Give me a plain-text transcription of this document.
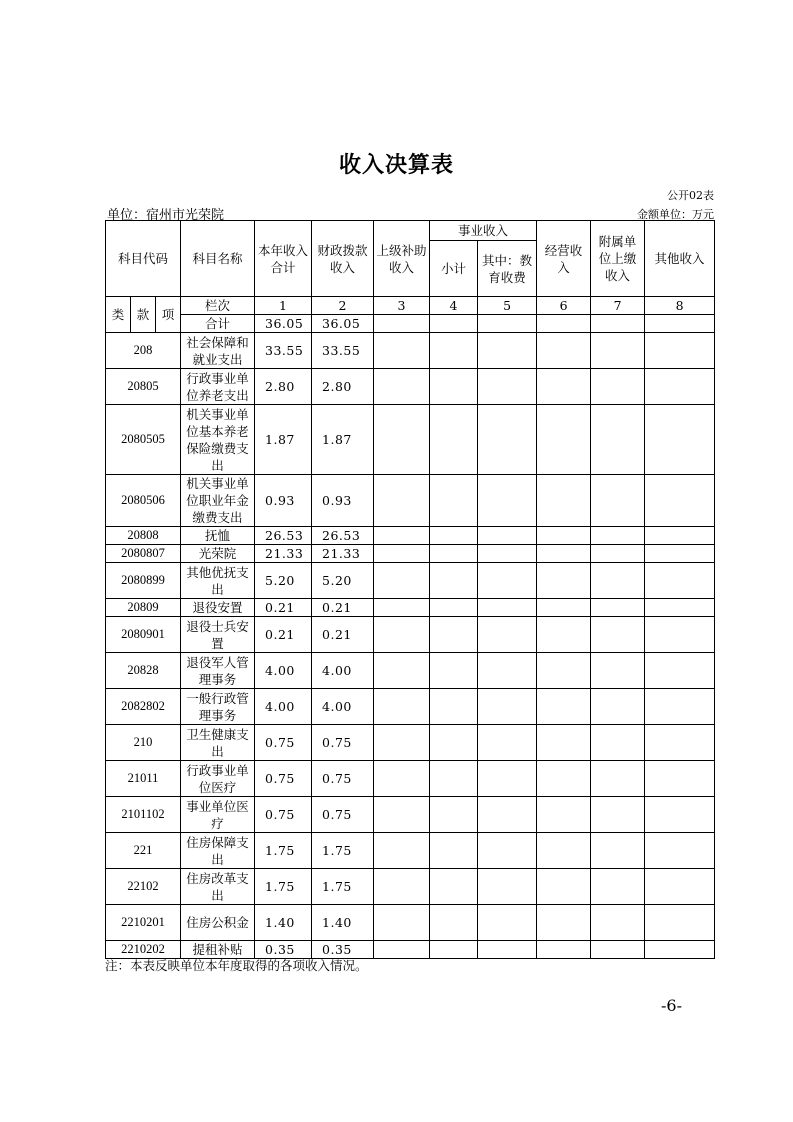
收入决算表
公开02表
单位：宿州市光荣院	金额单位：万元
科目代码			科目名称	本年收入合计	财政拨款收入	上级补助收入	事业收入		经营收入	附属单位上缴收入	其他收入
							小计	其中：教育收费			

类	款	项	栏次	1	2	3	4	5	6	7	8
			合计	36.05	36.05						
208			社会保障和就业支出	33.55	33.55						
20805			行政事业单位养老支出	2.80	2.80						
2080505			机关事业单位基本养老保险缴费支出	1.87	1.87						
2080506			机关事业单位职业年金缴费支出	0.93	0.93						
20808			抚恤	26.53	26.53						
2080807			光荣院	21.33	21.33						
2080899			其他优抚支出	5.20	5.20						
20809			退役安置	0.21	0.21						
2080901			退役士兵安置	0.21	0.21						
20828			退役军人管理事务	4.00	4.00						
2082802			一般行政管理事务	4.00	4.00						
210			卫生健康支出	0.75	0.75						
21011			行政事业单位医疗	0.75	0.75						
2101102			事业单位医疗	0.75	0.75						
221			住房保障支出	1.75	1.75						
22102			住房改革支出	1.75	1.75						
2210201			住房公积金	1.40	1.40						
2210202			提租补贴	0.35	0.35						
注：本表反映单位本年度取得的各项收入情况。
-6-
